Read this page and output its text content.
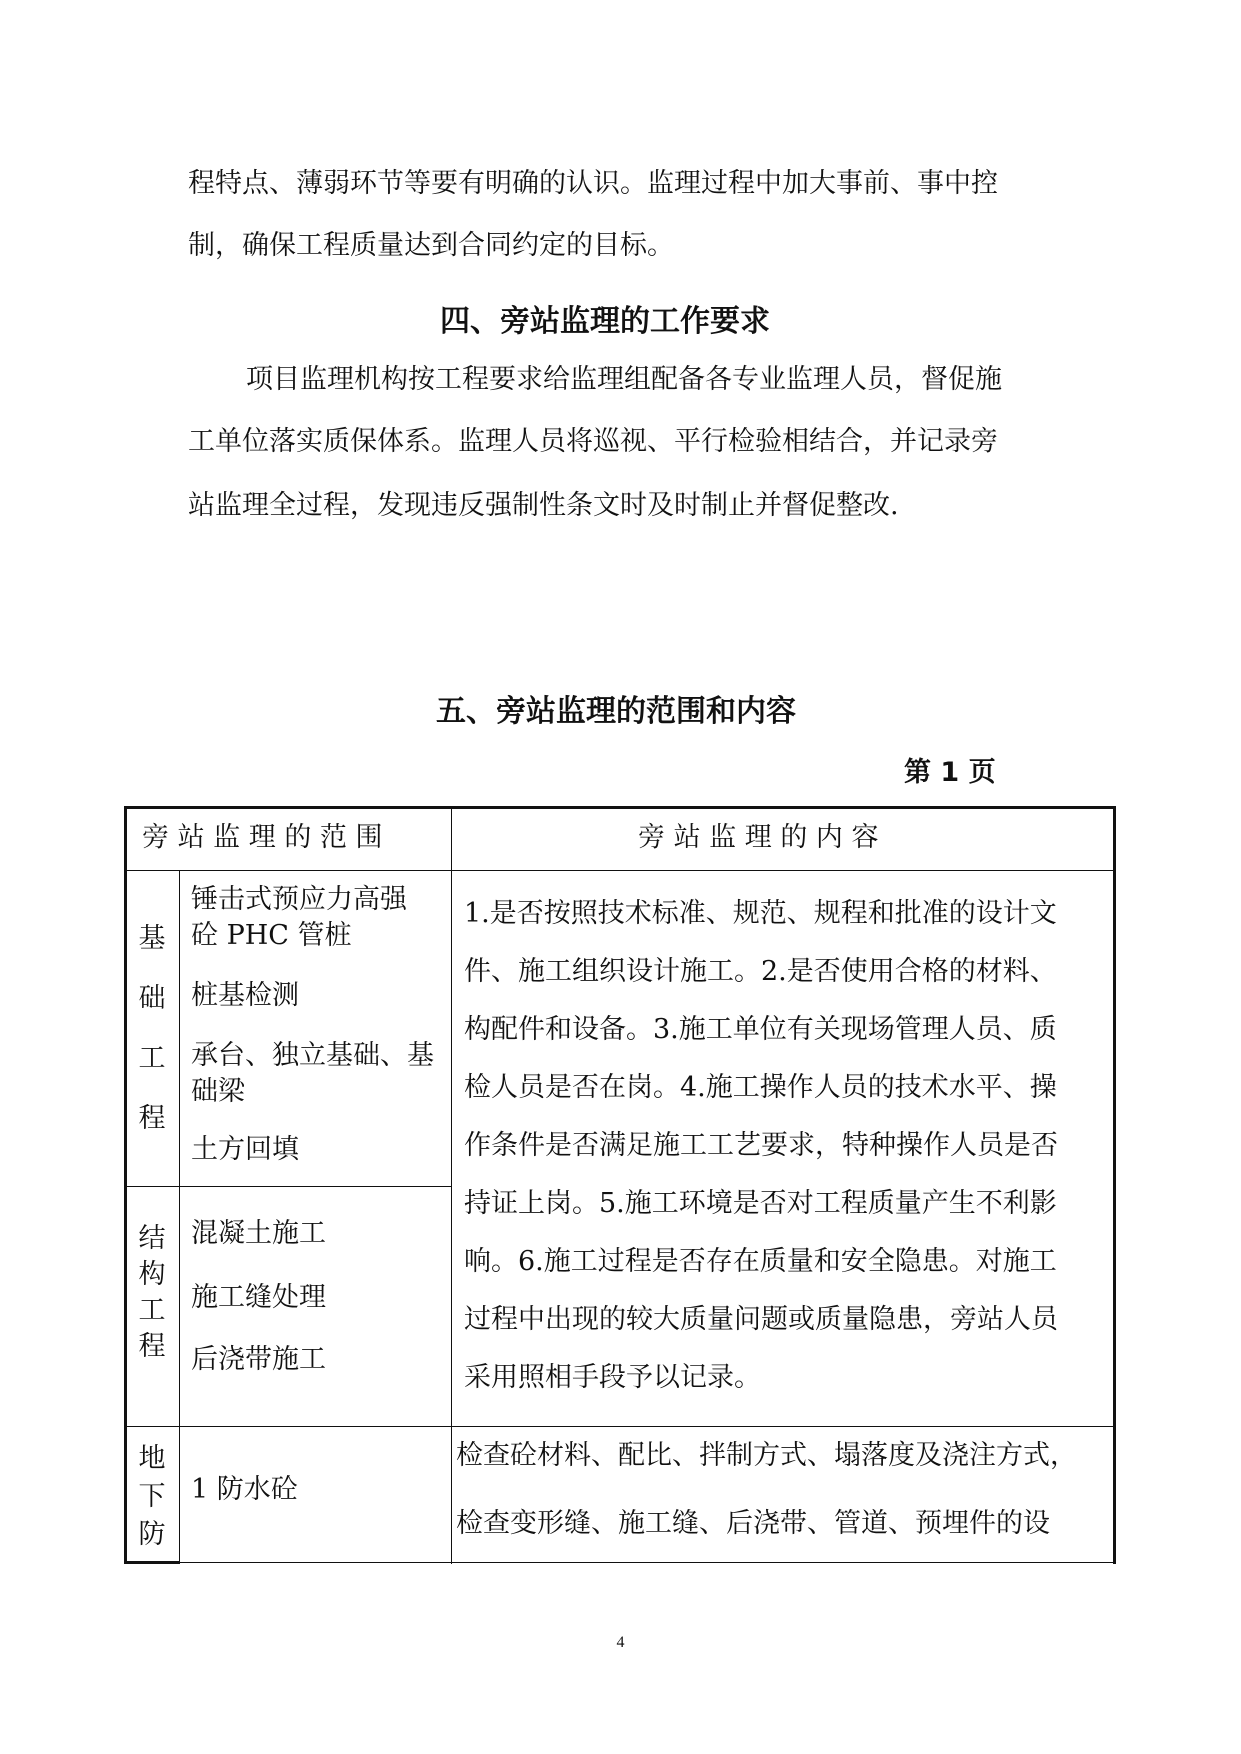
程特点、薄弱环节等要有明确的认识。监理过程中加大事前、事中控
制，确保工程质量达到合同约定的目标。
四、旁站监理的工作要求
项目监理机构按工程要求给监理组配备各专业监理人员，督促施
工单位落实质保体系。监理人员将巡视、平行检验相结合，并记录旁
站监理全过程，发现违反强制性条文时及时制止并督促整改.
五、旁站监理的范围和内容
第 1 页
旁 站 监 理 的 范 围	旁 站 监 理 的 内 容
基
础
工
程
锤击式预应力高强
砼 PHC 管桩
桩基检测
承台、独立基础、基
础梁
土方回填
结
构
工
程
混凝土施工
施工缝处理
后浇带施工
1.是否按照技术标准、规范、规程和批准的设计文
件、施工组织设计施工。2.是否使用合格的材料、
构配件和设备。3.施工单位有关现场管理人员、质
检人员是否在岗。4.施工操作人员的技术水平、操
作条件是否满足施工工艺要求，特种操作人员是否
持证上岗。5.施工环境是否对工程质量产生不利影
响。6.施工过程是否存在质量和安全隐患。对施工
过程中出现的较大质量问题或质量隐患，旁站人员
采用照相手段予以记录。
地
下
防
1 防水砼
检查砼材料、配比、拌制方式、塌落度及浇注方式，
检查变形缝、施工缝、后浇带、管道、预埋件的设
4
